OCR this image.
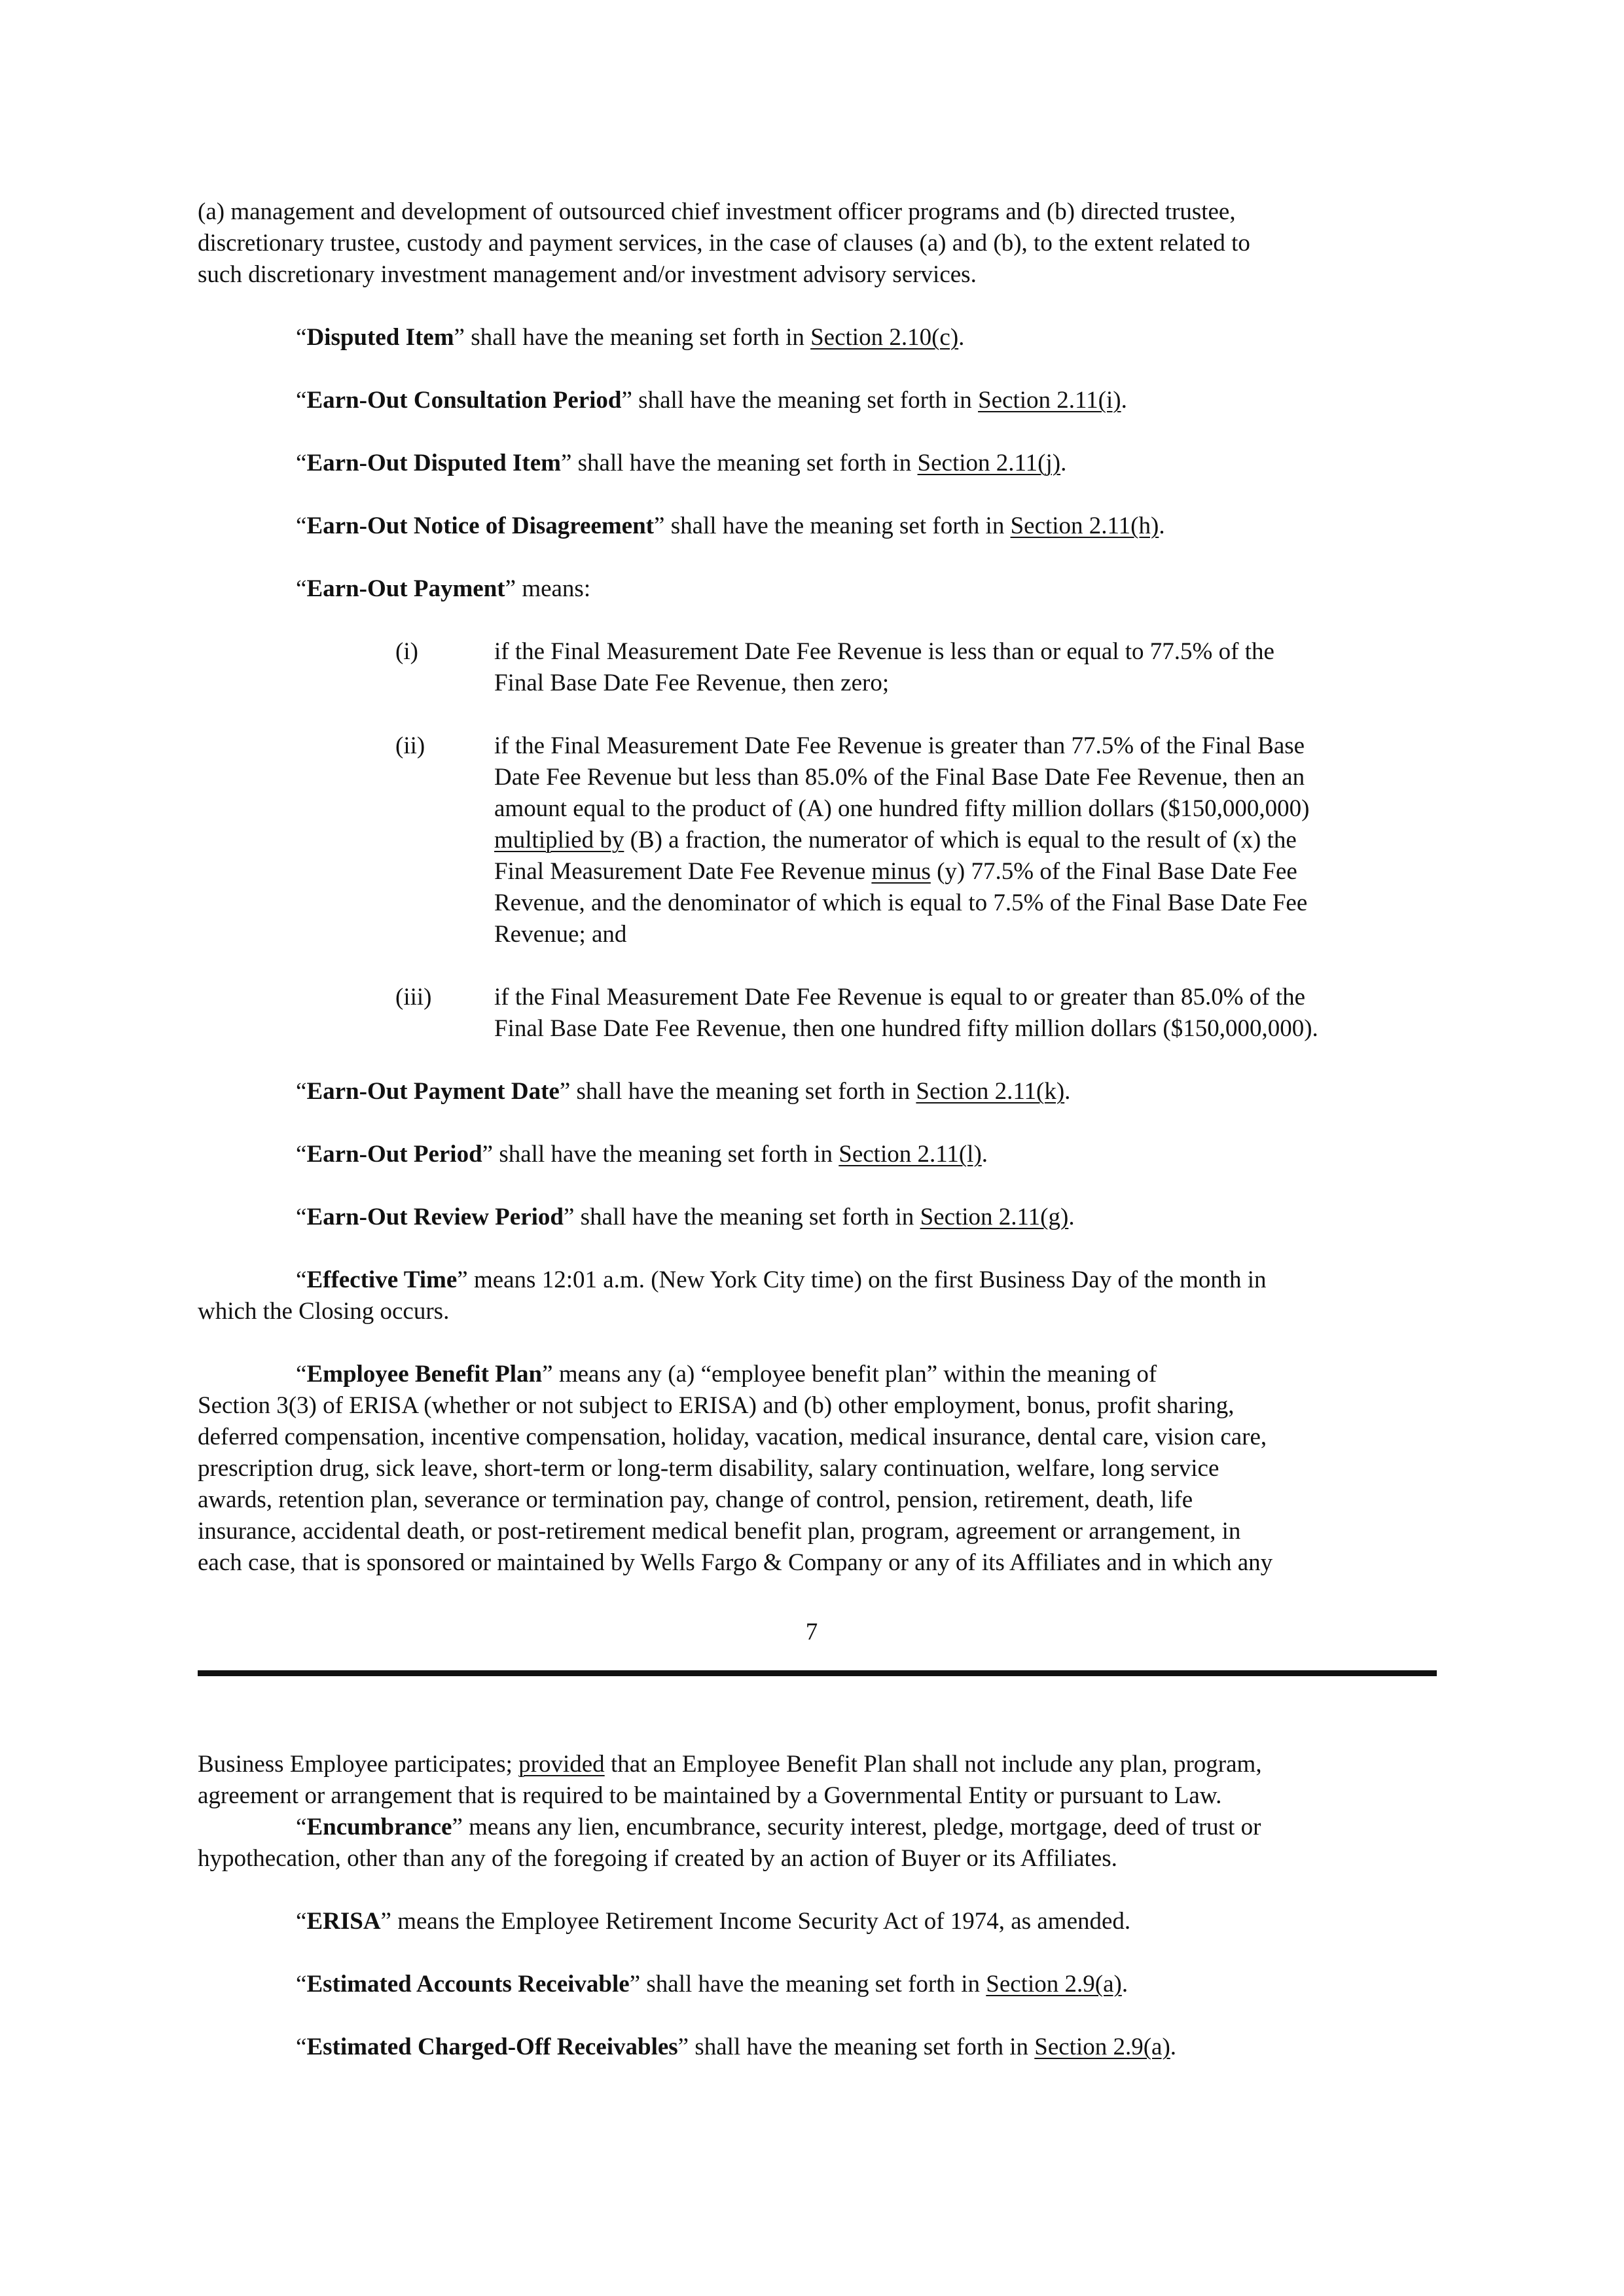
(a) management and development of outsourced chief investment officer programs and (b) directed trustee,
discretionary trustee, custody and payment services, in the case of clauses (a) and (b), to the extent related to
such discretionary investment management and/or investment advisory services.

“Disputed Item” shall have the meaning set forth in Section 2.10(c).

“Earn-Out Consultation Period” shall have the meaning set forth in Section 2.11(i).

“Earn-Out Disputed Item” shall have the meaning set forth in Section 2.11(j).

“Earn-Out Notice of Disagreement” shall have the meaning set forth in Section 2.11(h).

“Earn-Out Payment” means:

(i)	if the Final Measurement Date Fee Revenue is less than or equal to 77.5% of the
Final Base Date Fee Revenue, then zero;

(ii)	if the Final Measurement Date Fee Revenue is greater than 77.5% of the Final Base
Date Fee Revenue but less than 85.0% of the Final Base Date Fee Revenue, then an
amount equal to the product of (A) one hundred fifty million dollars ($150,000,000)
multiplied by (B) a fraction, the numerator of which is equal to the result of (x) the
Final Measurement Date Fee Revenue minus (y) 77.5% of the Final Base Date Fee
Revenue, and the denominator of which is equal to 7.5% of the Final Base Date Fee
Revenue; and

(iii)	if the Final Measurement Date Fee Revenue is equal to or greater than 85.0% of the
Final Base Date Fee Revenue, then one hundred fifty million dollars ($150,000,000).

“Earn-Out Payment Date” shall have the meaning set forth in Section 2.11(k).

“Earn-Out Period” shall have the meaning set forth in Section 2.11(l).

“Earn-Out Review Period” shall have the meaning set forth in Section 2.11(g).

“Effective Time” means 12:01 a.m. (New York City time) on the first Business Day of the month in
which the Closing occurs.

“Employee Benefit Plan” means any (a) “employee benefit plan” within the meaning of
Section 3(3) of ERISA (whether or not subject to ERISA) and (b) other employment, bonus, profit sharing,
deferred compensation, incentive compensation, holiday, vacation, medical insurance, dental care, vision care,
prescription drug, sick leave, short-term or long-term disability, salary continuation, welfare, long service
awards, retention plan, severance or termination pay, change of control, pension, retirement, death, life
insurance, accidental death, or post-retirement medical benefit plan, program, agreement or arrangement, in
each case, that is sponsored or maintained by Wells Fargo & Company or any of its Affiliates and in which any

7

Business Employee participates; provided that an Employee Benefit Plan shall not include any plan, program,
agreement or arrangement that is required to be maintained by a Governmental Entity or pursuant to Law.

“Encumbrance” means any lien, encumbrance, security interest, pledge, mortgage, deed of trust or
hypothecation, other than any of the foregoing if created by an action of Buyer or its Affiliates.

“ERISA” means the Employee Retirement Income Security Act of 1974, as amended.

“Estimated Accounts Receivable” shall have the meaning set forth in Section 2.9(a).

“Estimated Charged-Off Receivables” shall have the meaning set forth in Section 2.9(a).
